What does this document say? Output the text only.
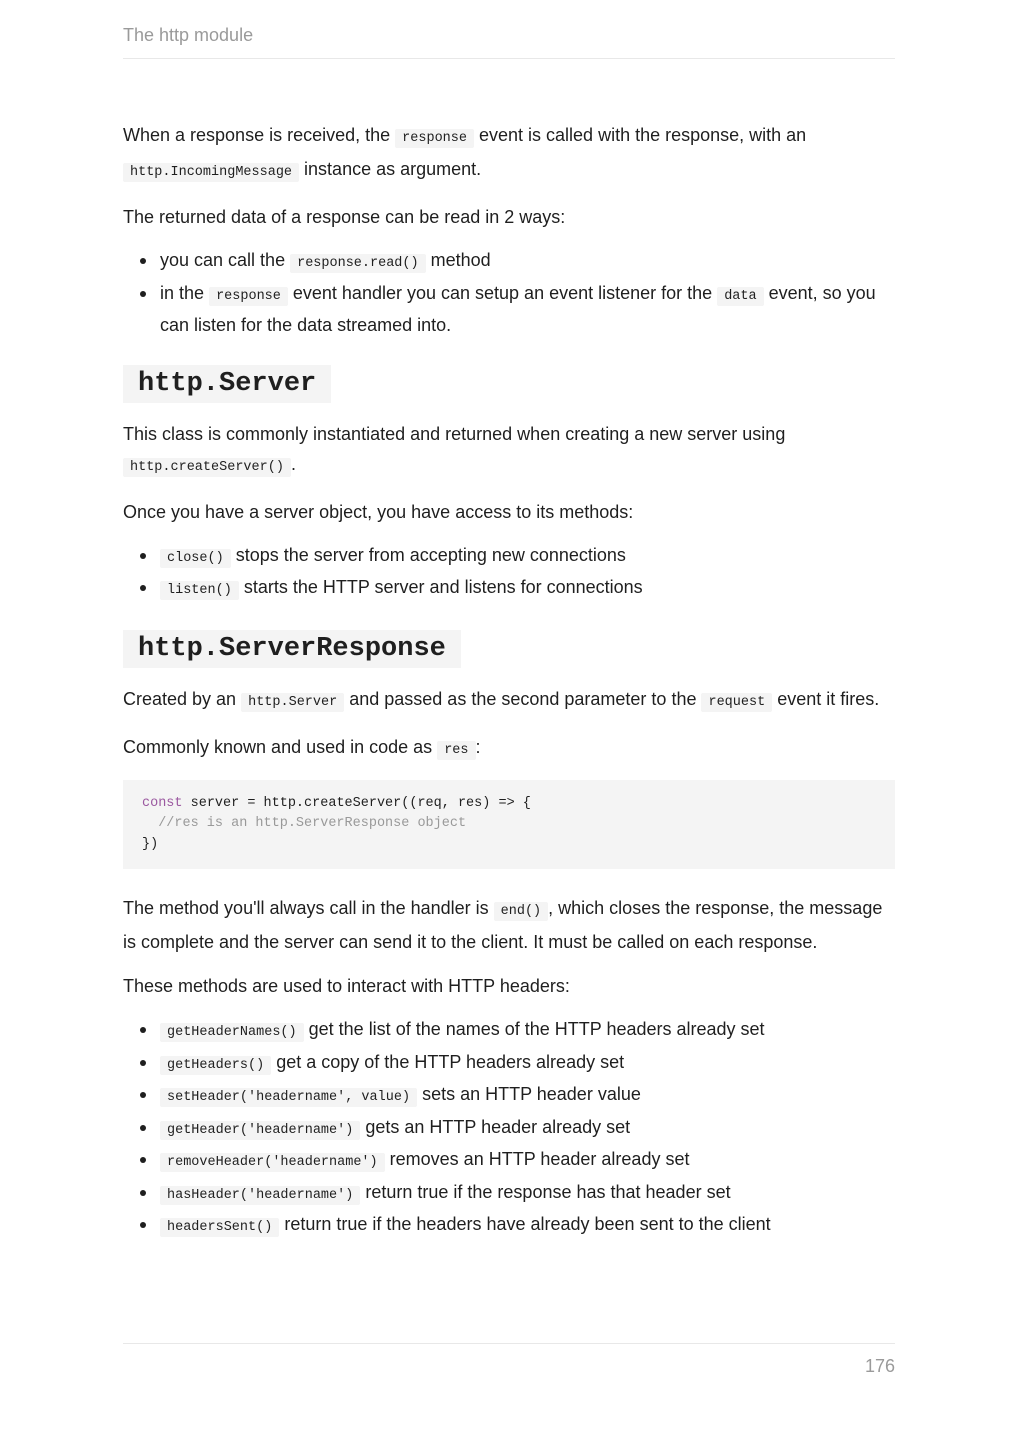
The http module

When a response is received, the response event is called with the response, with an http.IncomingMessage instance as argument.

The returned data of a response can be read in 2 ways:

you can call the response.read() method
in the response event handler you can setup an event listener for the data event, so you can listen for the data streamed into.
http.Server

This class is commonly instantiated and returned when creating a new server using http.createServer() .

Once you have a server object, you have access to its methods:

close() stops the server from accepting new connections
listen() starts the HTTP server and listens for connections
http.ServerResponse

Created by an http.Server and passed as the second parameter to the request event it fires.

Commonly known and used in code as res :

const server = http.createServer((req, res) => {
//res is an http.ServerResponse object
})

The method you'll always call in the handler is end() , which closes the response, the message is complete and the server can send it to the client. It must be called on each response.

These methods are used to interact with HTTP headers:

getHeaderNames() get the list of the names of the HTTP headers already set
getHeaders() get a copy of the HTTP headers already set
setHeader('headername', value) sets an HTTP header value
getHeader('headername') gets an HTTP header already set
removeHeader('headername') removes an HTTP header already set
hasHeader('headername') return true if the response has that header set
headersSent() return true if the headers have already been sent to the client
176
